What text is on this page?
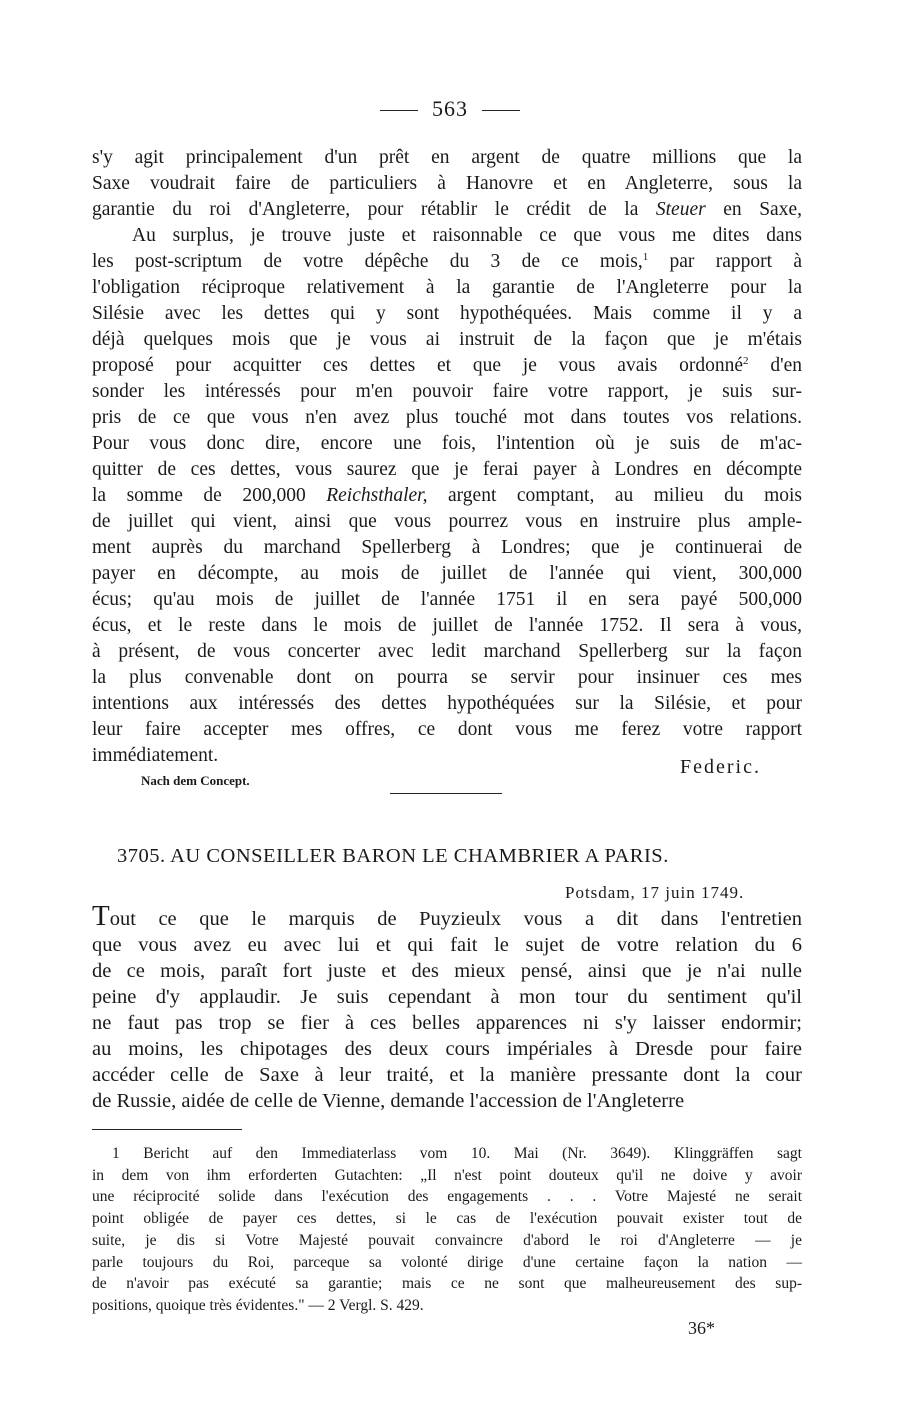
563
s'y agit principalement d'un prêt en argent de quatre millions que la
Saxe voudrait faire de particuliers à Hanovre et en Angleterre, sous la
garantie du roi d'Angleterre, pour rétablir le crédit de la Steuer en Saxe,
Au surplus, je trouve juste et raisonnable ce que vous me dites dans
les post-scriptum de votre dépêche du 3 de ce mois,$^1$ par rapport à
l'obligation réciproque relativement à la garantie de l'Angleterre pour la
Silésie avec les dettes qui y sont hypothéquées. Mais comme il y a
déjà quelques mois que je vous ai instruit de la façon que je m'étais
proposé pour acquitter ces dettes et que je vous avais ordonné$^2$ d'en
sonder les intéressés pour m'en pouvoir faire votre rapport, je suis sur-
pris de ce que vous n'en avez plus touché mot dans toutes vos relations.
Pour vous donc dire, encore une fois, l'intention où je suis de m'ac-
quitter de ces dettes, vous saurez que je ferai payer à Londres en décompte
la somme de 200,000 Reichsthaler, argent comptant, au milieu du mois
de juillet qui vient, ainsi que vous pourrez vous en instruire plus ample-
ment auprès du marchand Spellerberg à Londres; que je continuerai de
payer en décompte, au mois de juillet de l'année qui vient, 300,000
écus; qu'au mois de juillet de l'année 1751 il en sera payé 500,000
écus, et le reste dans le mois de juillet de l'année 1752. Il sera à vous,
à présent, de vous concerter avec ledit marchand Spellerberg sur la façon
la plus convenable dont on pourra se servir pour insinuer ces mes
intentions aux intéressés des dettes hypothéquées sur la Silésie, et pour
leur faire accepter mes offres, ce dont vous me ferez votre rapport
immédiatement.
Federic.
Nach dem Concept.
3705. AU CONSEILLER BARON LE CHAMBRIER A PARIS.
Potsdam, 17 juin 1749.
Tout ce que le marquis de Puyzieulx vous a dit dans l'entretien
que vous avez eu avec lui et qui fait le sujet de votre relation du 6
de ce mois, paraît fort juste et des mieux pensé, ainsi que je n'ai nulle
peine d'y applaudir. Je suis cependant à mon tour du sentiment qu'il
ne faut pas trop se fier à ces belles apparences ni s'y laisser endormir;
au moins, les chipotages des deux cours impériales à Dresde pour faire
accéder celle de Saxe à leur traité, et la manière pressante dont la cour
de Russie, aidée de celle de Vienne, demande l'accession de l'Angleterre
1 Bericht auf den Immediaterlass vom 10. Mai (Nr. 3649). Klinggräffen sagt
in dem von ihm erforderten Gutachten: „Il n'est point douteux qu'il ne doive y avoir
une réciprocité solide dans l'exécution des engagements . . . Votre Majesté ne serait
point obligée de payer ces dettes, si le cas de l'exécution pouvait exister tout de
suite, je dis si Votre Majesté pouvait convaincre d'abord le roi d'Angleterre — je
parle toujours du Roi, parceque sa volonté dirige d'une certaine façon la nation —
de n'avoir pas exécuté sa garantie; mais ce ne sont que malheureusement des sup-
positions, quoique très évidentes." — 2 Vergl. S. 429.
36*
